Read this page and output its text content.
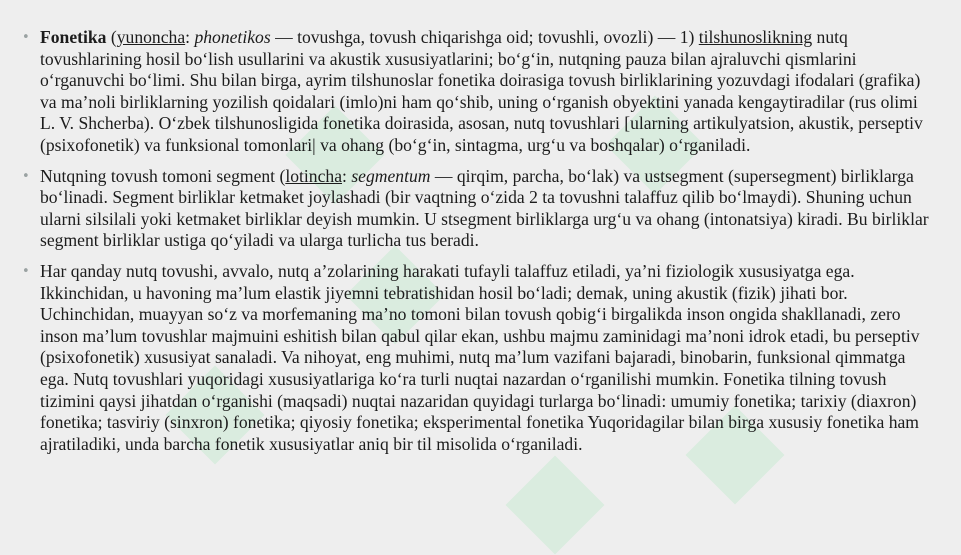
• Fonetika (yunoncha: phonetikos — tovushga, tovush chiqarishga oid; tovushli, ovozli) — 1) tilshunoslikning nutq tovushlarining hosil bo‘lish usullarini va akustik xususiyatlarini; bo‘g‘in, nutqning pauza bilan ajraluvchi qismlarini o‘rganuvchi bo‘limi. Shu bilan birga, ayrim tilshunoslar fonetika doirasiga tovush birliklarining yozuvdagi ifodalari (grafika) va ma’noli birliklarning yozilish qoidalari (imlo)ni ham qo‘shib, uning o‘rganish obyektini yanada kengaytiradilar (rus olimi L. V. Shcherba). O‘zbek tilshunosligida fonetika doirasida, asosan, nutq tovushlari [ularning artikulyatsion, akustik, perseptiv (psixofonetik) va funksional tomonlari| va ohang (bo‘g‘in, sintagma, urg‘u va boshqalar) o‘rganiladi.
• Nutqning tovush tomoni segment (lotincha: segmentum — qirqim, parcha, bo‘lak) va ustsegment (supersegment) birliklarga bo‘linadi. Segment birliklar ketmaket joylashadi (bir vaqtning o‘zida 2 ta tovushni talaffuz qilib bo‘lmaydi). Shuning uchun ularni silsilali yoki ketmaket birliklar deyish mumkin. U stsegment birliklarga urg‘u va ohang (intonatsiya) kiradi. Bu birliklar segment birliklar ustiga qo‘yiladi va ularga turlicha tus beradi.
• Har qanday nutq tovushi, avvalo, nutq a’zolarining harakati tufayli talaffuz etiladi, ya’ni fiziologik xususiyatga ega. Ikkinchidan, u havoning ma’lum elastik jiyemni tebratishidan hosil bo‘ladi; demak, uning akustik (fizik) jihati bor. Uchinchidan, muayyan so‘z va morfemaning ma’no tomoni bilan tovush qobig‘i birgalikda inson ongida shakllanadi, zero inson ma’lum tovushlar majmuini eshitish bilan qabul qilar ekan, ushbu majmu zaminidagi ma’noni idrok etadi, bu perseptiv (psixofonetik) xususiyat sanaladi. Va nihoyat, eng muhimi, nutq ma’lum vazifani bajaradi, binobarin, funksional qimmatga ega. Nutq tovushlari yuqoridagi xususiyatlariga ko‘ra turli nuqtai nazardan o‘rganilishi mumkin. Fonetika tilning tovush tizimini qaysi jihatdan o‘rganishi (maqsadi) nuqtai nazaridan quyidagi turlarga bo‘linadi: umumiy fonetika; tarixiy (diaxron) fonetika; tasviriy (sinxron) fonetika; qiyosiy fonetika; eksperimental fonetika Yuqoridagilar bilan birga xususiy fonetika ham ajratiladiki, unda barcha fonetik xususiyatlar aniq bir til misolida o‘rganiladi.
